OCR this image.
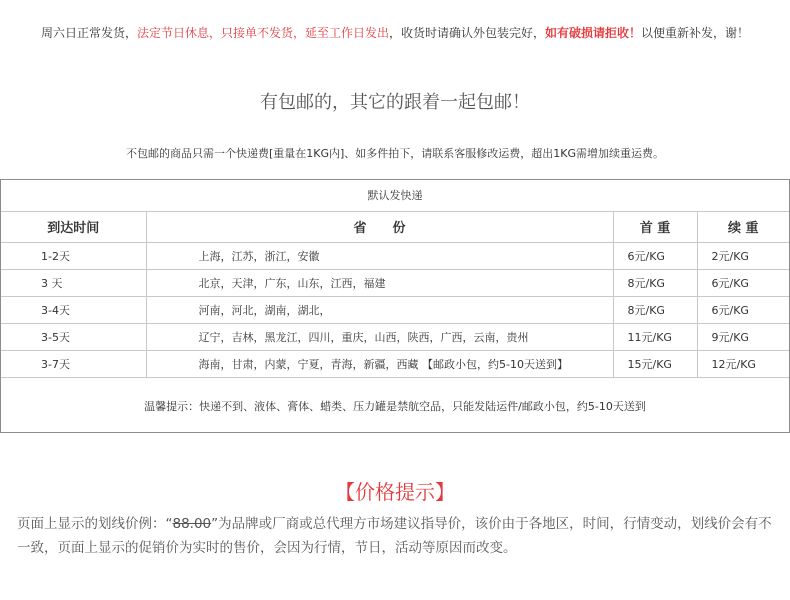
周六日正常发货，法定节日休息，只接单不发货，延至工作日发出，收货时请确认外包装完好，如有破损请拒收！以便重新补发，谢！
有包邮的，其它的跟着一起包邮！
不包邮的商品只需一个快递费[重量在1KG内]、如多件拍下，请联系客服修改运费，超出1KG需增加续重运费。
默认发快递
到达时间	省　　份	首 重	续 重
1-2天	上海，江苏，浙江，安徽	6元/KG	2元/KG
3 天	北京，天津，广东，山东，江西，福建	8元/KG	6元/KG
3-4天	河南，河北，湖南，湖北，	8元/KG	6元/KG
3-5天	辽宁，吉林，黑龙江，四川，重庆，山西，陕西，广西，云南，贵州	11元/KG	9元/KG
3-7天	海南，甘肃，内蒙，宁夏，青海，新疆，西藏 【邮政小包，约5-10天送到】	15元/KG	12元/KG
温馨提示：快递不到、液体、膏体、蜡类、压力罐是禁航空品，只能发陆运件/邮政小包，约5-10天送到
【价格提示】
页面上显示的划线价例：“88.00”为品牌或厂商或总代理方市场建议指导价，该价由于各地区，时间，行情变动，划线价会有不一致，页面上显示的促销价为实时的售价，会因为行情，节日，活动等原因而改变。
